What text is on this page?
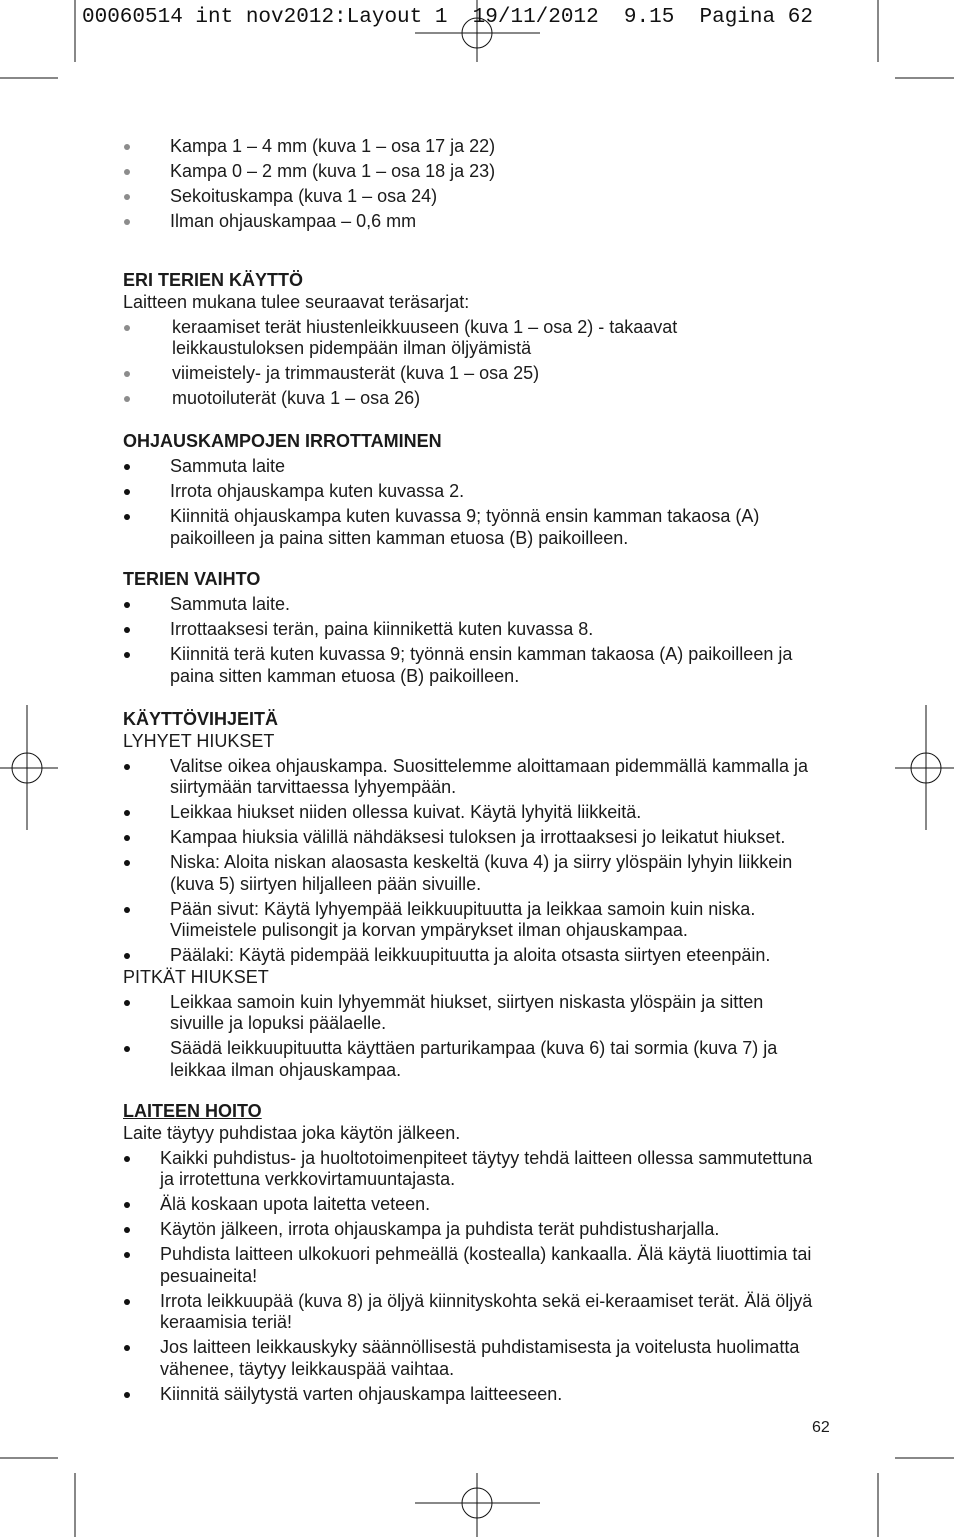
00060514 int nov2012:Layout 1  19/11/2012  9.15  Pagina 62
Kampa 1 – 4 mm (kuva 1 – osa 17 ja 22)
Kampa 0 – 2 mm (kuva 1 – osa 18 ja 23)
Sekoituskampa (kuva 1 – osa 24)
Ilman ohjauskampaa – 0,6 mm
ERI TERIEN KÄYTTÖ
Laitteen mukana tulee seuraavat teräsarjat:
keraamiset terät hiustenleikkuuseen (kuva 1 – osa 2) - takaavat
leikkaustuloksen pidempään ilman öljyämistä
viimeistely- ja trimmausterät (kuva 1 – osa 25)
muotoiluterät (kuva 1 – osa 26)
OHJAUSKAMPOJEN IRROTTAMINEN
Sammuta laite
Irrota ohjauskampa kuten kuvassa 2.
Kiinnitä ohjauskampa kuten kuvassa 9; työnnä ensin kamman takaosa (A)
paikoilleen ja paina sitten kamman etuosa (B) paikoilleen.
TERIEN VAIHTO
Sammuta laite.
Irrottaaksesi terän, paina kiinnikettä kuten kuvassa 8.
Kiinnitä terä kuten kuvassa 9; työnnä ensin kamman takaosa (A) paikoilleen ja
paina sitten kamman etuosa (B) paikoilleen.
KÄYTTÖVIHJEITÄ
LYHYET HIUKSET
Valitse oikea ohjauskampa. Suosittelemme aloittamaan pidemmällä kammalla ja
siirtymään tarvittaessa lyhyempään.
Leikkaa hiukset niiden ollessa kuivat. Käytä lyhyitä liikkeitä.
Kampaa hiuksia välillä nähdäksesi tuloksen ja irrottaaksesi jo leikatut hiukset.
Niska: Aloita niskan alaosasta keskeltä (kuva 4) ja siirry ylöspäin lyhyin liikkein
(kuva 5) siirtyen hiljalleen pään sivuille.
Pään sivut: Käytä lyhyempää leikkuupituutta ja leikkaa samoin kuin niska.
Viimeistele pulisongit ja korvan ympärykset ilman ohjauskampaa.
Päälaki: Käytä pidempää leikkuupituutta ja aloita otsasta siirtyen eteenpäin.
PITKÄT HIUKSET
Leikkaa samoin kuin lyhyemmät hiukset, siirtyen niskasta ylöspäin ja sitten
sivuille ja lopuksi päälaelle.
Säädä leikkuupituutta käyttäen parturikampaa (kuva 6) tai sormia (kuva 7) ja
leikkaa ilman ohjauskampaa.
LAITEEN HOITO
Laite täytyy puhdistaa joka käytön jälkeen.
Kaikki puhdistus- ja huoltotoimenpiteet täytyy tehdä laitteen ollessa sammutettuna
ja irrotettuna verkkovirtamuuntajasta.
Älä koskaan upota laitetta veteen.
Käytön jälkeen, irrota ohjauskampa ja puhdista terät puhdistusharjalla.
Puhdista laitteen ulkokuori pehmeällä (kostealla) kankaalla. Älä käytä liuottimia tai
pesuaineita!
Irrota leikkuupää (kuva 8) ja öljyä kiinnityskohta sekä ei-keraamiset terät. Älä öljyä
keraamisia teriä!
Jos laitteen leikkauskyky säännöllisestä puhdistamisesta ja voitelusta huolimatta
vähenee, täytyy leikkauspää vaihtaa.
Kiinnitä säilytystä varten ohjauskampa laitteeseen.
62
